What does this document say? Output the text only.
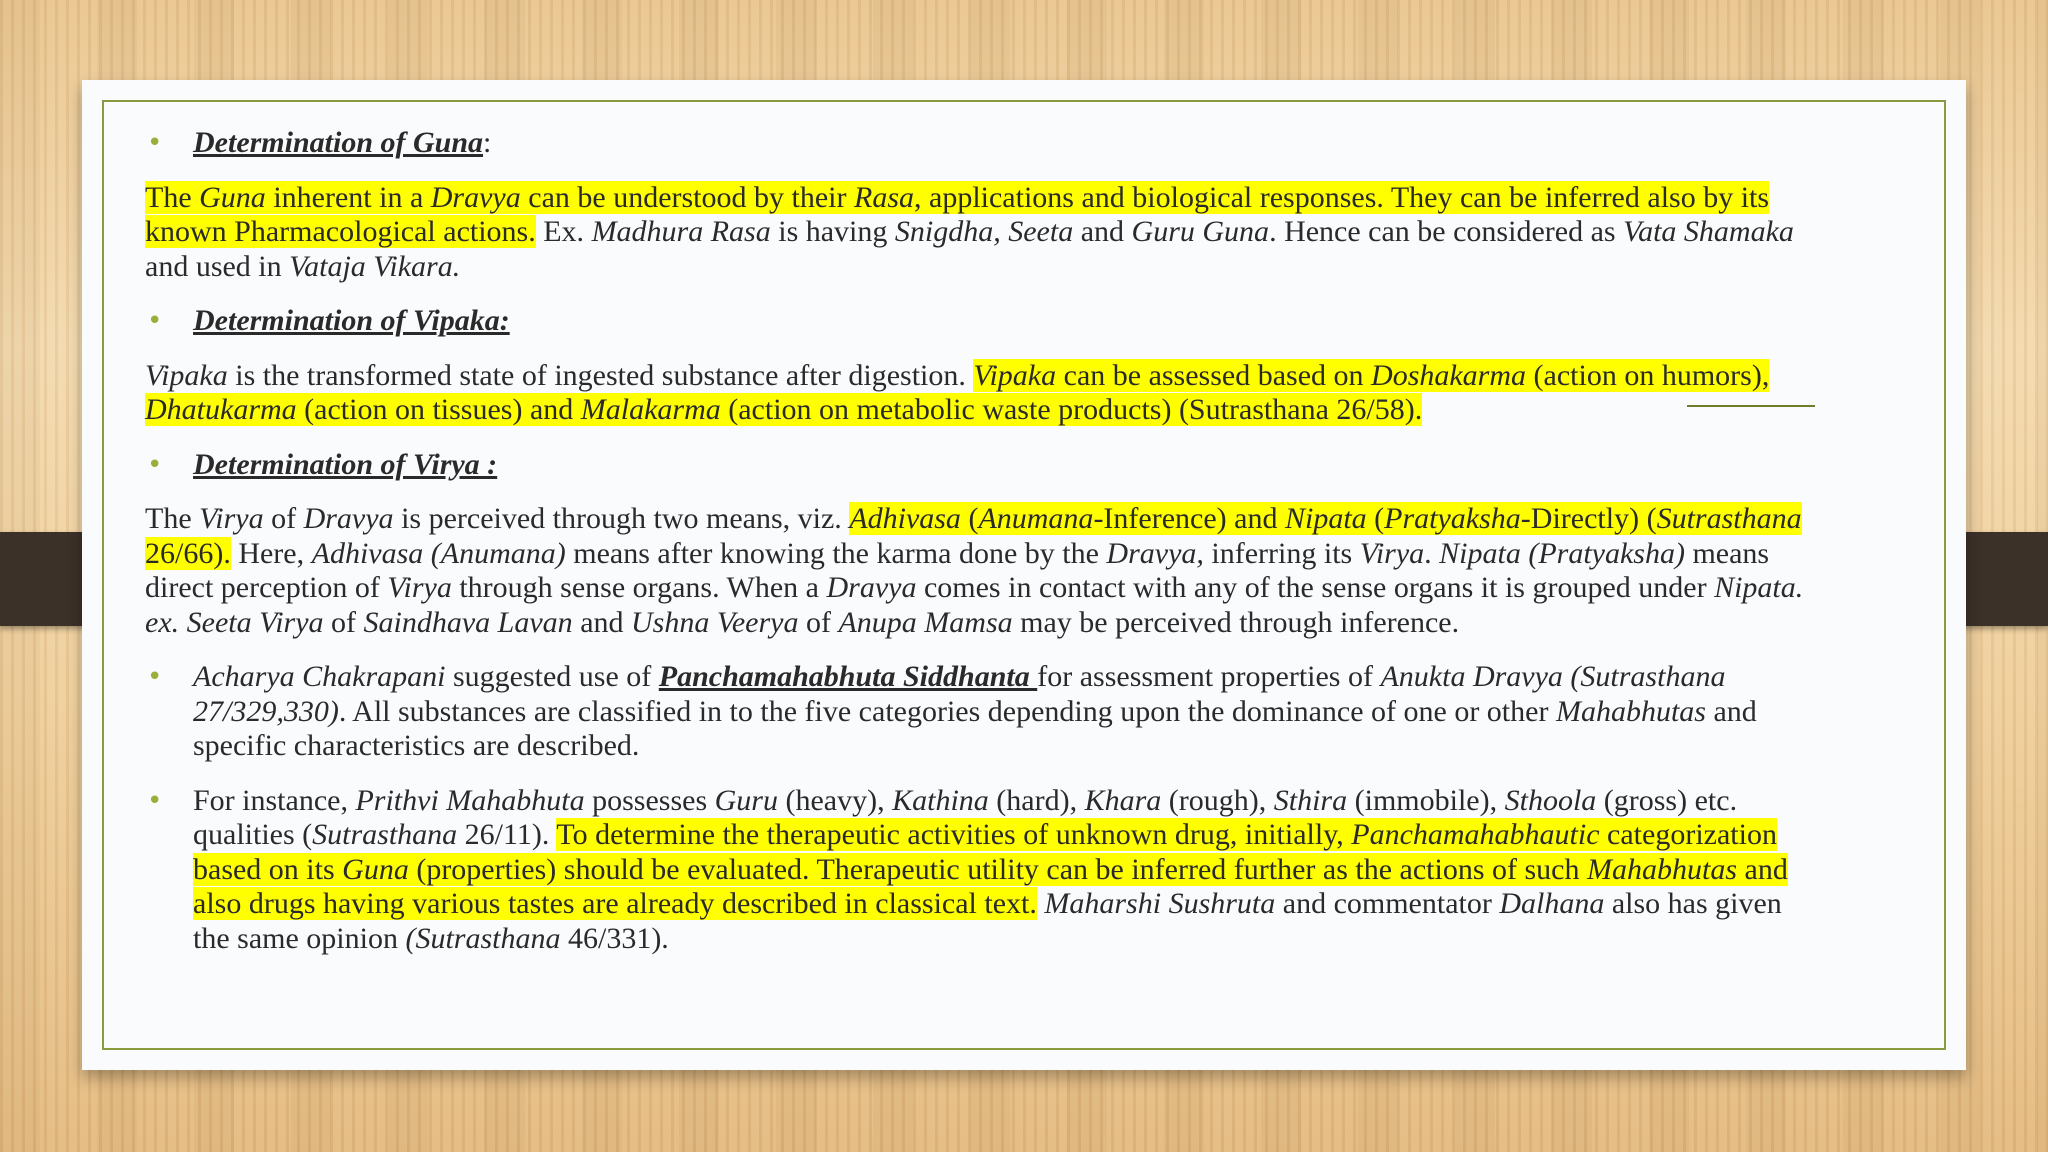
• Determination of Guna:

The Guna inherent in a Dravya can be understood by their Rasa, applications and biological responses. They can be inferred also by its known Pharmacological actions. Ex. Madhura Rasa is having Snigdha, Seeta and Guru Guna. Hence can be considered as Vata Shamaka and used in Vataja Vikara.

• Determination of Vipaka:

Vipaka is the transformed state of ingested substance after digestion. Vipaka can be assessed based on Doshakarma (action on humors), Dhatukarma (action on tissues) and Malakarma (action on metabolic waste products) (Sutrasthana 26/58).

• Determination of Virya :

The Virya of Dravya is perceived through two means, viz. Adhivasa (Anumana-Inference) and Nipata (Pratyaksha-Directly) (Sutrasthana 26/66). Here, Adhivasa (Anumana) means after knowing the karma done by the Dravya, inferring its Virya. Nipata (Pratyaksha) means direct perception of Virya through sense organs. When a Dravya comes in contact with any of the sense organs it is grouped under Nipata. ex. Seeta Virya of Saindhava Lavan and Ushna Veerya of Anupa Mamsa may be perceived through inference.

• Acharya Chakrapani suggested use of Panchamahabhuta Siddhanta for assessment properties of Anukta Dravya (Sutrasthana 27/329,330). All substances are classified in to the five categories depending upon the dominance of one or other Mahabhutas and specific characteristics are described.

• For instance, Prithvi Mahabhuta possesses Guru (heavy), Kathina (hard), Khara (rough), Sthira (immobile), Sthoola (gross) etc. qualities (Sutrasthana 26/11). To determine the therapeutic activities of unknown drug, initially, Panchamahabhautic categorization based on its Guna (properties) should be evaluated. Therapeutic utility can be inferred further as the actions of such Mahabhutas and also drugs having various tastes are already described in classical text. Maharshi Sushruta and commentator Dalhana also has given the same opinion (Sutrasthana 46/331).
